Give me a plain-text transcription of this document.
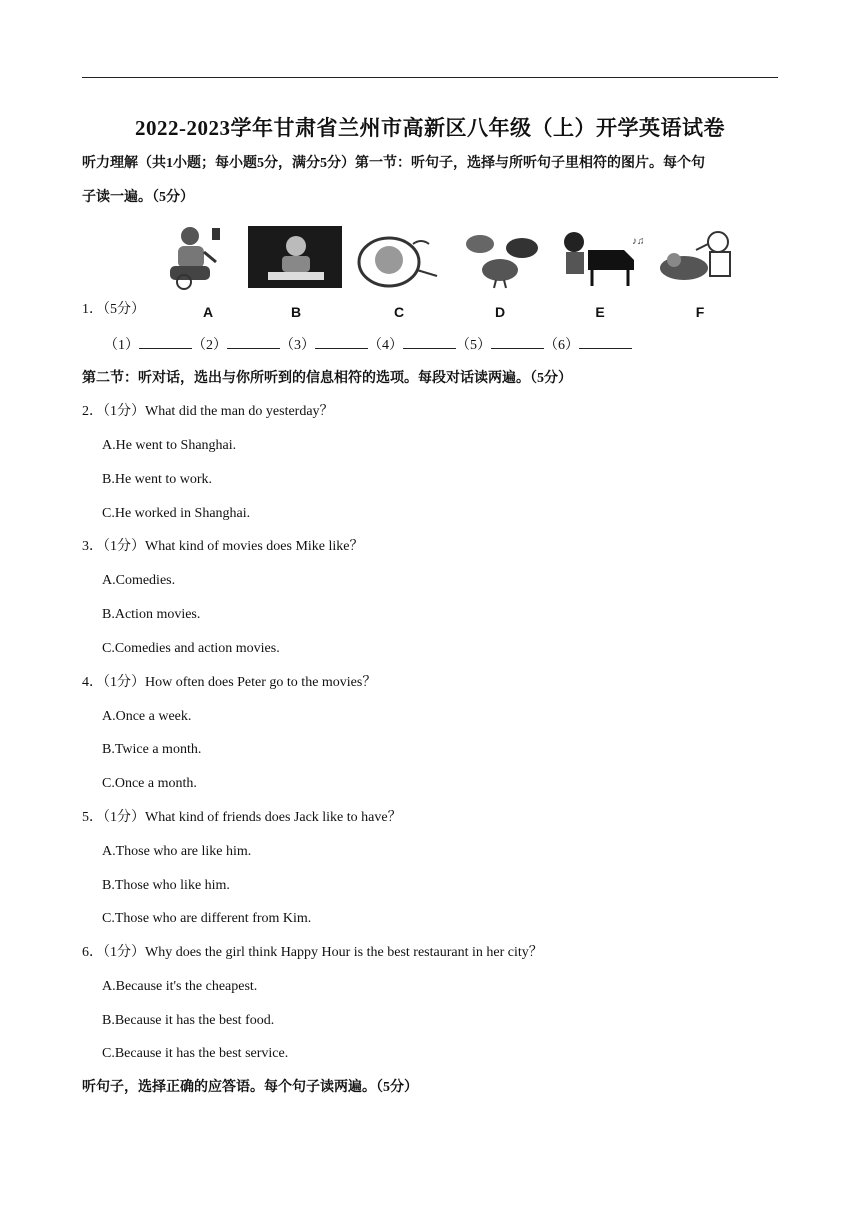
2022-2023学年甘肃省兰州市高新区八年级（上）开学英语试卷
听力理解（共1小题；每小题5分，满分5分）第一节：听句子，选择与所听句子里相符的图片。每个句
子读一遍。（5分）
A	B	C	D
♪♫
E	F
1．（5分）
（1）	（2）	（3）	（4）	（5）	（6）
第二节：听对话，选出与你所听到的信息相符的选项。每段对话读两遍。（5分）
2．（1分）What did the man do yesterday？
A.He went to Shanghai.
B.He went to work.
C.He worked in Shanghai.
3．（1分）What kind of movies does Mike like？
A.Comedies.
B.Action movies.
C.Comedies and action movies.
4．（1分）How often does Peter go to the movies？
A.Once a week.
B.Twice a month.
C.Once a month.
5．（1分）What kind of friends does Jack like to have？
A.Those who are like him.
B.Those who like him.
C.Those who are different from Kim.
6．（1分）Why does the girl think Happy Hour is the best restaurant in her city？
A.Because it's the cheapest.
B.Because it has the best food.
C.Because it has the best service.
听句子，选择正确的应答语。每个句子读两遍。（5分）
